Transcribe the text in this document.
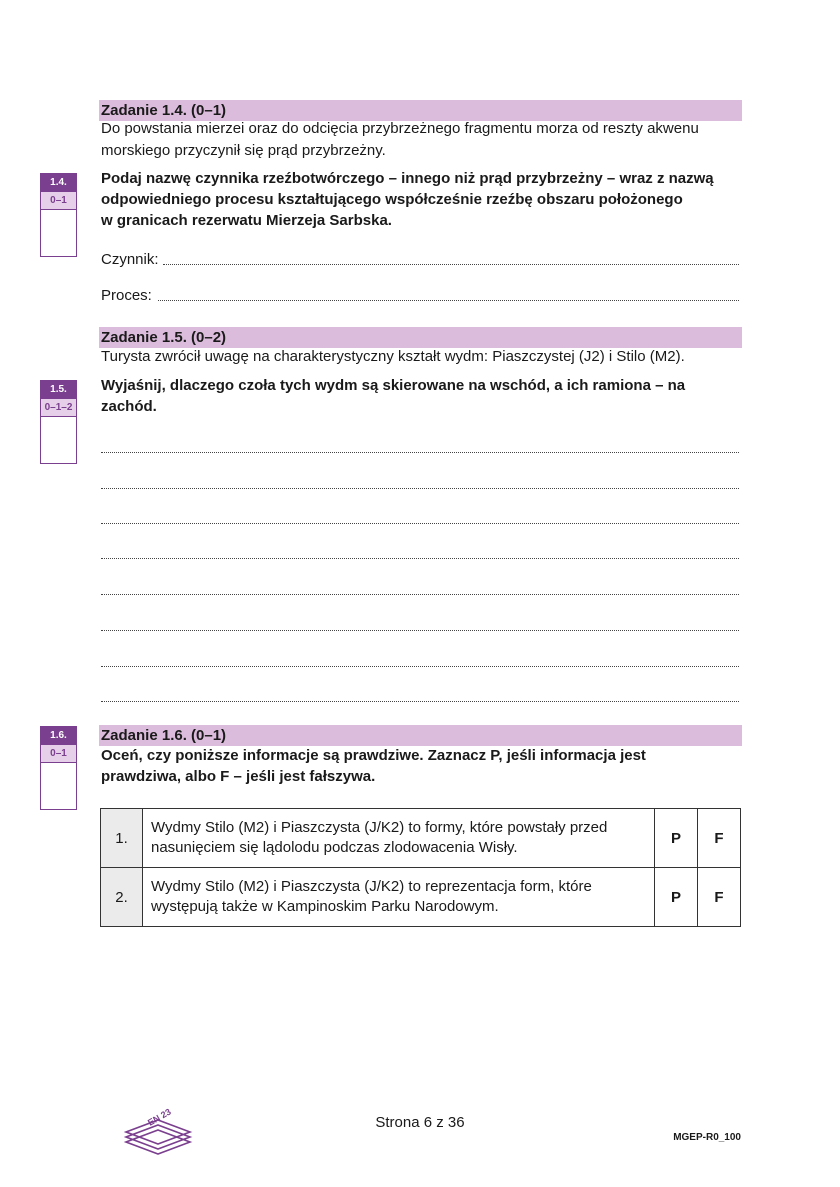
Zadanie 1.4. (0–1)
Do powstania mierzei oraz do odcięcia przybrzeżnego fragmentu morza od reszty akwenu
morskiego przyczynił się prąd przybrzeżny.
1.4.
0–1
Podaj nazwę czynnika rzeźbotwórczego – innego niż prąd przybrzeżny – wraz z nazwą
odpowiedniego procesu kształtującego współcześnie rzeźbę obszaru położonego
w granicach rezerwatu Mierzeja Sarbska.
Czynnik:
Proces:
Zadanie 1.5. (0–2)
Turysta zwrócił uwagę na charakterystyczny kształt wydm: Piaszczystej (J2) i Stilo (M2).
1.5.
0–1–2
Wyjaśnij, dlaczego czoła tych wydm są skierowane na wschód, a ich ramiona – na
zachód.
Zadanie 1.6. (0–1)
1.6.
0–1	Oceń, czy poniższe informacje są prawdziwe. Zaznacz P, jeśli informacja jest
prawdziwa, albo F – jeśli jest fałszywa.
1.	Wydmy Stilo (M2) i Piaszczysta (J/K2) to formy, które powstały przed
nasunięciem się lądolodu podczas zlodowacenia Wisły.	P	F
2.	Wydmy Stilo (M2) i Piaszczysta (J/K2) to reprezentacja form, które
występują także w Kampinoskim Parku Narodowym.	P	F
EN 23	Strona 6 z 36
MGEP-R0_100
